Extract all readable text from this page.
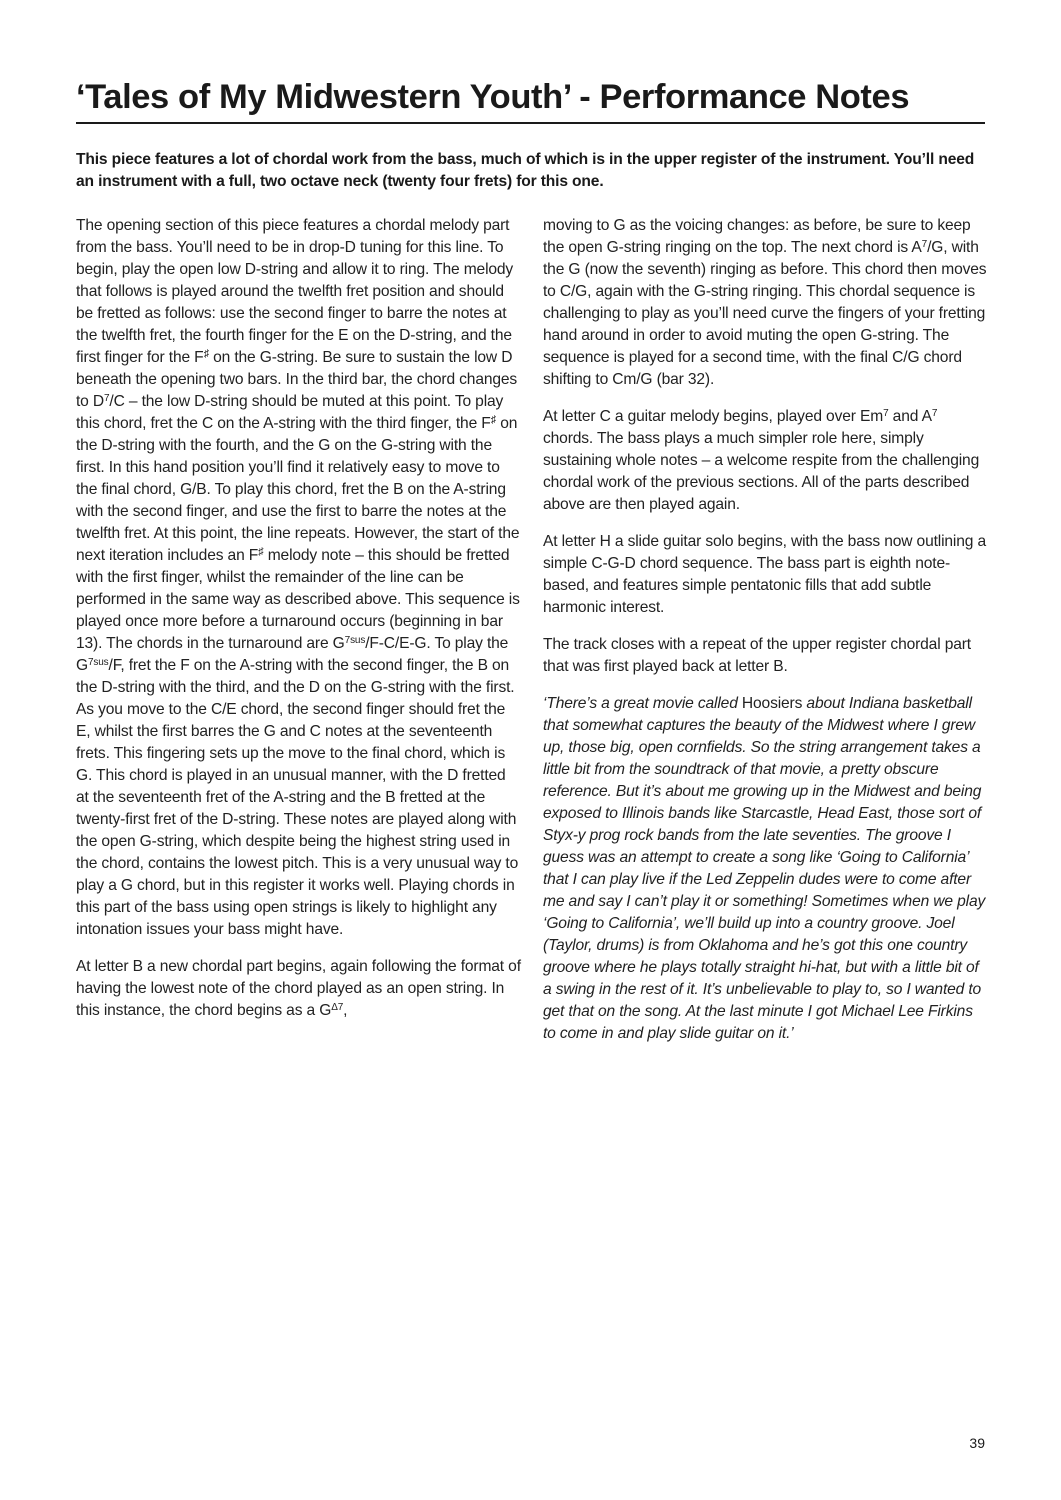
‘Tales of My Midwestern Youth’ - Performance Notes

This piece features a lot of chordal work from the bass, much of which is in the upper register of the instrument. You’ll need an instrument with a full, two octave neck (twenty four frets) for this one.

The opening section of this piece features a chordal melody part from the bass. You’ll need to be in drop-D tuning for this line. To begin, play the open low D-string and allow it to ring. The melody that follows is played around the twelfth fret position and should be fretted as follows: use the second finger to barre the notes at the twelfth fret, the fourth finger for the E on the D-string, and the first finger for the F♯ on the G-string. Be sure to sustain the low D beneath the opening two bars. In the third bar, the chord changes to $D^7/C$ – the low D-string should be muted at this point. To play this chord, fret the C on the A-string with the third finger, the F♯ on the D-string with the fourth, and the G on the G-string with the first. In this hand position you’ll find it relatively easy to move to the final chord, G/B. To play this chord, fret the B on the A-string with the second finger, and use the first to barre the notes at the twelfth fret. At this point, the line repeats. However, the start of the next iteration includes an F♯ melody note – this should be fretted with the first finger, whilst the remainder of the line can be performed in the same way as described above. This sequence is played once more before a turnaround occurs (beginning in bar 13). The chords in the turnaround are $G^{7sus}/F-C/E-G$. To play the $G^{7sus}/F$, fret the F on the A-string with the second finger, the B on the D-string with the third, and the D on the G-string with the first. As you move to the C/E chord, the second finger should fret the E, whilst the first barres the G and C notes at the seventeenth frets. This fingering sets up the move to the final chord, which is G. This chord is played in an unusual manner, with the D fretted at the seventeenth fret of the A-string and the B fretted at the twenty-first fret of the D-string. These notes are played along with the open G-string, which despite being the highest string used in the chord, contains the lowest pitch. This is a very unusual way to play a G chord, but in this register it works well. Playing chords in this part of the bass using open strings is likely to highlight any intonation issues your bass might have.

At letter B a new chordal part begins, again following the format of having the lowest note of the chord played as an open string. In this instance, the chord begins as a $G^{\Delta 7}$,

moving to G as the voicing changes: as before, be sure to keep the open G-string ringing on the top. The next chord is $A^7/G$, with the G (now the seventh) ringing as before. This chord then moves to C/G, again with the G-string ringing. This chordal sequence is challenging to play as you’ll need curve the fingers of your fretting hand around in order to avoid muting the open G-string. The sequence is played for a second time, with the final C/G chord shifting to Cm/G (bar 32).

At letter C a guitar melody begins, played over Em$^7$ and $A^7$ chords. The bass plays a much simpler role here, simply sustaining whole notes – a welcome respite from the challenging chordal work of the previous sections. All of the parts described above are then played again.

At letter H a slide guitar solo begins, with the bass now outlining a simple C-G-D chord sequence. The bass part is eighth note-based, and features simple pentatonic fills that add subtle harmonic interest.

The track closes with a repeat of the upper register chordal part that was first played back at letter B.

‘There’s a great movie called Hoosiers about Indiana basketball that somewhat captures the beauty of the Midwest where I grew up, those big, open cornfields. So the string arrangement takes a little bit from the soundtrack of that movie, a pretty obscure reference. But it’s about me growing up in the Midwest and being exposed to Illinois bands like Starcastle, Head East, those sort of Styx-y prog rock bands from the late seventies. The groove I guess was an attempt to create a song like ‘Going to California’ that I can play live if the Led Zeppelin dudes were to come after me and say I can’t play it or something! Sometimes when we play ‘Going to California’, we’ll build up into a country groove. Joel (Taylor, drums) is from Oklahoma and he’s got this one country groove where he plays totally straight hi-hat, but with a little bit of a swing in the rest of it. It’s unbelievable to play to, so I wanted to get that on the song. At the last minute I got Michael Lee Firkins to come in and play slide guitar on it.’

39
